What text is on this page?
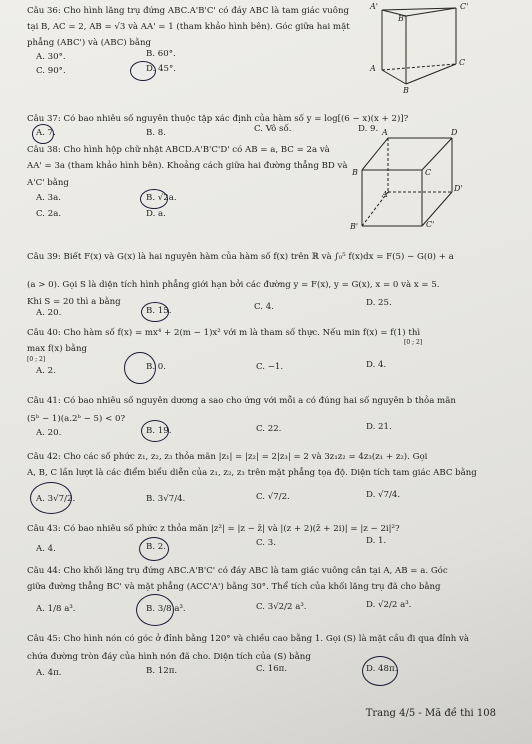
Câu 36: Cho hình lăng trụ đứng ABC.A'B'C' có đáy ABC là tam giác vuông
tại B, AC = 2, AB = √3 và AA' = 1 (tham khảo hình bên). Góc giữa hai mặt
phẳng (ABC') và (ABC) bằng
A. 30°.	B. 60°.
C. 90°.	D. 45°.
A'
B'
C'
A
B
C
Câu 37: Có bao nhiêu số nguyên thuộc tập xác định của hàm số y = log[(6 − x)(x + 2)]?
A. 7.	B. 8.	C. Vô số.	D. 9.
Câu 38: Cho hình hộp chữ nhật ABCD.A'B'C'D' có AB = a, BC = 2a và
AA' = 3a (tham khảo hình bên). Khoảng cách giữa hai đường thẳng BD và
A'C' bằng
A. 3a.	B. √2a.
C. 2a.	D. a.
A	D
B	C
A'
D'
B'	C'
Câu 39: Biết F(x) và G(x) là hai nguyên hàm của hàm số f(x) trên ℝ và ∫₀⁵ f(x)dx = F(5) − G(0) + a
(a > 0). Gọi S là diện tích hình phẳng giới hạn bởi các đường y = F(x), y = G(x), x = 0 và x = 5.
Khi S = 20 thì a bằng
A. 20.	B. 15.	C. 4.	D. 25.
Câu 40: Cho hàm số f(x) = mx⁴ + 2(m − 1)x² với m là tham số thực. Nếu min f(x) = f(1) thì
[0 ; 2]
max f(x) bằng
[0 ; 2]
A. 2.	B. 0.	C. −1.	D. 4.
Câu 41: Có bao nhiêu số nguyên dương a sao cho ứng với mỗi a có đúng hai số nguyên b thỏa mãn
(5ᵇ − 1)(a.2ᵇ − 5) < 0?
A. 20.	B. 19.	C. 22.	D. 21.
Câu 42: Cho các số phức z₁, z₂, z₃ thỏa mãn |z₁| = |z₂| = 2|z₃| = 2 và 3z₁z₂ = 4z₃(z₁ + z₂). Gọi
A, B, C lần lượt là các điểm biểu diễn của z₁, z₂, z₃ trên mặt phẳng tọa độ. Diện tích tam giác ABC bằng
A. 3√7/2.	B. 3√7/4.	C. √7/2.	D. √7/4.
Câu 43: Có bao nhiêu số phức z thỏa mãn |z²| = |z − z̄| và |(z + 2)(z̄ + 2i)| = |z − 2i|²?
A. 4.	B. 2.	C. 3.	D. 1.
Câu 44: Cho khối lăng trụ đứng ABC.A'B'C' có đáy ABC là tam giác vuông cân tại A, AB = a. Góc
giữa đường thẳng BC' và mặt phẳng (ACC'A') bằng 30°. Thể tích của khối lăng trụ đã cho bằng
A. 1/8 a³.	B. 3/8 a³.	C. 3√2/2 a³.	D. √2/2 a³.
Câu 45: Cho hình nón có góc ở đỉnh bằng 120° và chiều cao bằng 1. Gọi (S) là mặt cầu đi qua đỉnh và
chứa đường tròn đáy của hình nón đã cho. Diện tích của (S) bằng
A. 4π.	B. 12π.	C. 16π.	D. 48π.
Trang 4/5 - Mã đề thi 108
